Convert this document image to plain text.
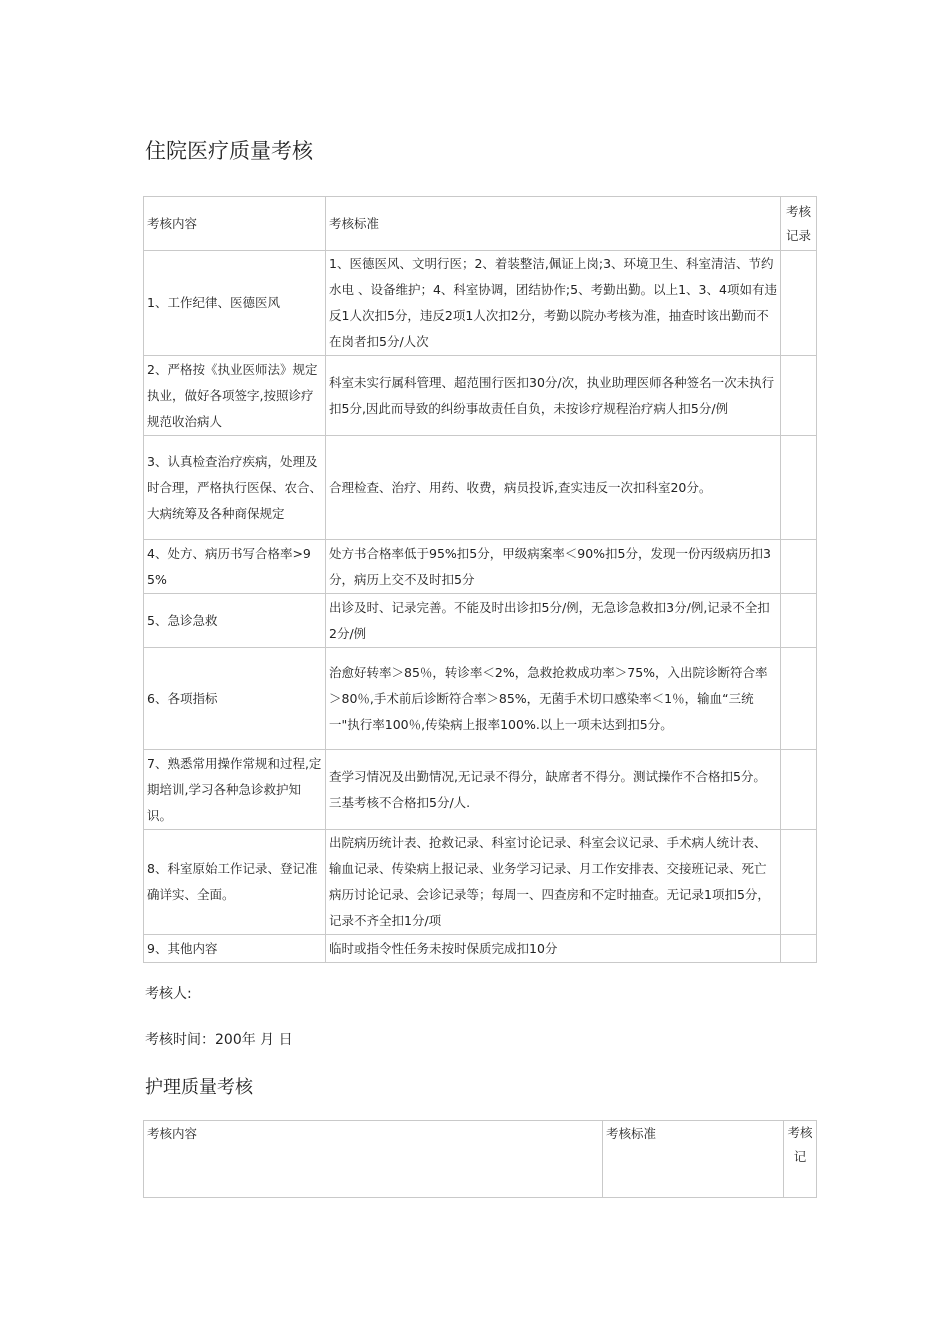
住院医疗质量考核
考核内容	考核标准	考核记录
1、工作纪律、医德医风	1、医德医风、文明行医；2、着装整洁,佩证上岗;3、环境卫生、科室清洁、节约水电 、设备维护；4、科室协调，团结协作;5、考勤出勤。以上1、3、4项如有违反1人次扣5分，违反2项1人次扣2分，考勤以院办考核为准，抽查时该出勤而不在岗者扣5分/人次	
2、严格按《执业医师法》规定执业，做好各项签字,按照诊疗规范收治病人	科室未实行属科管理、超范围行医扣30分/次，执业助理医师各种签名一次未执行扣5分,因此而导致的纠纷事故责任自负，未按诊疗规程治疗病人扣5分/例	
3、认真检查治疗疾病，处理及时合理，严格执行医保、农合、大病统筹及各种商保规定	合理检查、治疗、用药、收费，病员投诉,查实违反一次扣科室20分。	
4、处方、病历书写合格率>95%	处方书合格率低于95%扣5分，甲级病案率＜90%扣5分，发现一份丙级病历扣3分，病历上交不及时扣5分	
5、急诊急救	出诊及时、记录完善。不能及时出诊扣5分/例，无急诊急救扣3分/例,记录不全扣2分/例	
6、各项指标	治愈好转率＞85％，转诊率＜2%，急救抢救成功率＞75%，入出院诊断符合率＞80％,手术前后诊断符合率＞85%，无菌手术切口感染率＜1％，输血“三统一"执行率100％,传染病上报率100%.以上一项未达到扣5分。	
7、熟悉常用操作常规和过程,定期培训,学习各种急诊救护知识。	查学习情况及出勤情况,无记录不得分，缺席者不得分。测试操作不合格扣5分。三基考核不合格扣5分/人.	
8、科室原始工作记录、登记准确详实、全面。	出院病历统计表、抢救记录、科室讨论记录、科室会议记录、手术病人统计表、输血记录、传染病上报记录、业务学习记录、月工作安排表、交接班记录、死亡病历讨论记录、会诊记录等；每周一、四查房和不定时抽查。无记录1项扣5分，记录不齐全扣1分/项	
9、其他内容	临时或指令性任务未按时保质完成扣10分	
考核人:
考核时间：200年 月 日
护理质量考核
考核内容	考核标准	考核记
